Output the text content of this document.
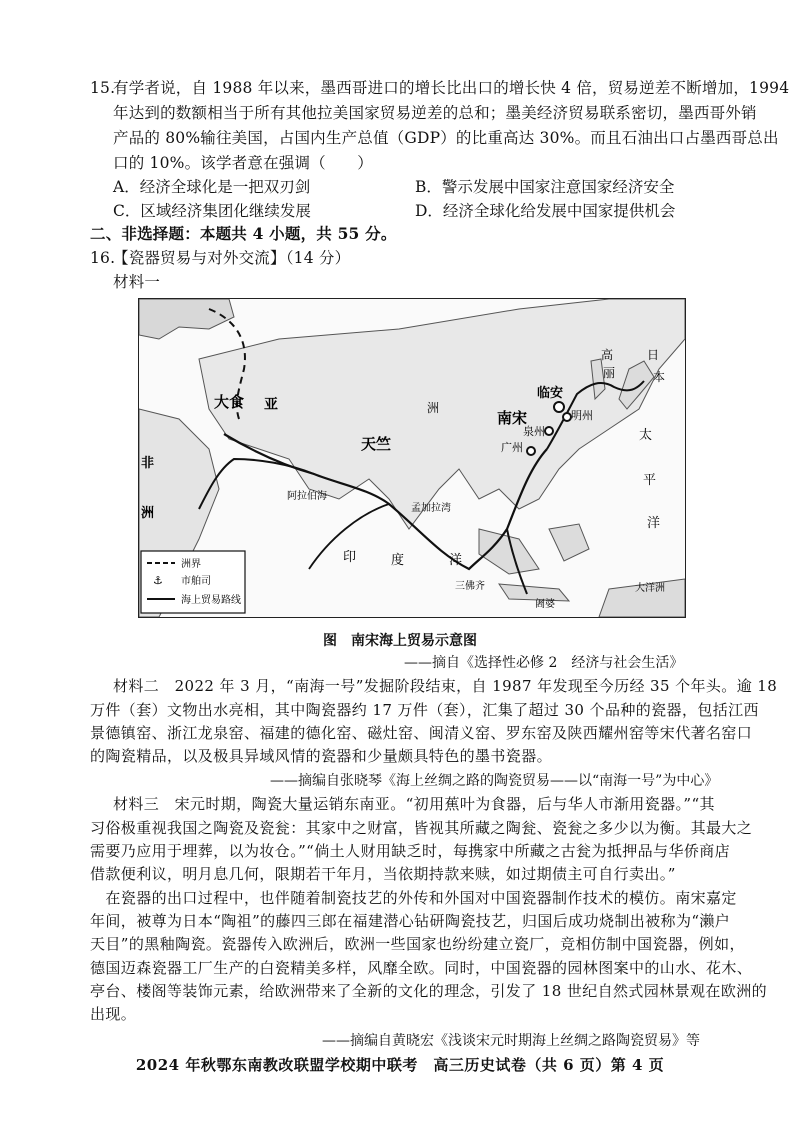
15.
有学者说，自 1988 年以来，墨西哥进口的增长比出口的增长快 4 倍，贸易逆差不断增加，1994
年达到的数额相当于所有其他拉美国家贸易逆差的总和；墨美经济贸易联系密切，墨西哥外销
产品的 80%输往美国，占国内生产总值（GDP）的比重高达 30%。而且石油出口占墨西哥总出
口的 10%。该学者意在强调（　　）
A．经济全球化是一把双刃剑	B．警示发展中国家注意国家经济安全
C．区域经济集团化继续发展	D．经济全球化给发展中国家提供机会
二、非选择题：本题共 4 小题，共 55 分。
16.
【瓷器贸易与对外交流】（14 分）
材料一
大食 亚	洲
天竺
南宋
临安
明州
泉州
广州
高
丽
日
本
太
平
洋
非
洲
阿拉伯海
孟加拉湾
印	度	洋
三佛齐
阇婆
大洋洲
洲界
⚓ 市舶司
海上贸易路线
图　南宋海上贸易示意图
——摘自《选择性必修 2　经济与社会生活》
材料二　2022 年 3 月，“南海一号”发掘阶段结束，自 1987 年发现至今历经 35 个年头。逾 18
万件（套）文物出水亮相，其中陶瓷器约 17 万件（套），汇集了超过 30 个品种的瓷器，包括江西
景德镇窑、浙江龙泉窑、福建的德化窑、磁灶窑、闽清义窑、罗东窑及陕西耀州窑等宋代著名窑口
的陶瓷精品，以及极具异域风情的瓷器和少量颇具特色的墨书瓷器。
——摘编自张晓琴《海上丝绸之路的陶瓷贸易——以“南海一号”为中心》
材料三　宋元时期，陶瓷大量运销东南亚。“初用蕉叶为食器，后与华人市渐用瓷器。”“其
习俗极重视我国之陶瓷及瓷瓮：其家中之财富，皆视其所藏之陶瓮、瓷瓮之多少以为衡。其最大之
需要乃应用于埋葬，以为妆仓。”“倘土人财用缺乏时，每携家中所藏之古瓮为抵押品与华侨商店
借款便利议，明月息几何，限期若干年月，当依期持款来赎，如过期债主可自行卖出。”
　在瓷器的出口过程中，也伴随着制瓷技艺的外传和外国对中国瓷器制作技术的模仿。南宋嘉定
年间，被尊为日本“陶祖”的藤四三郎在福建潜心钻研陶瓷技艺，归国后成功烧制出被称为“濑户
天目”的黑釉陶瓷。瓷器传入欧洲后，欧洲一些国家也纷纷建立瓷厂，竞相仿制中国瓷器，例如，
德国迈森瓷器工厂生产的白瓷精美多样，风靡全欧。同时，中国瓷器的园林图案中的山水、花木、
亭台、楼阁等装饰元素，给欧洲带来了全新的文化的理念，引发了 18 世纪自然式园林景观在欧洲的
出现。
——摘编自黄晓宏《浅谈宋元时期海上丝绸之路陶瓷贸易》等
2024 年秋鄂东南教改联盟学校期中联考　高三历史试卷（共 6 页）第 4 页
